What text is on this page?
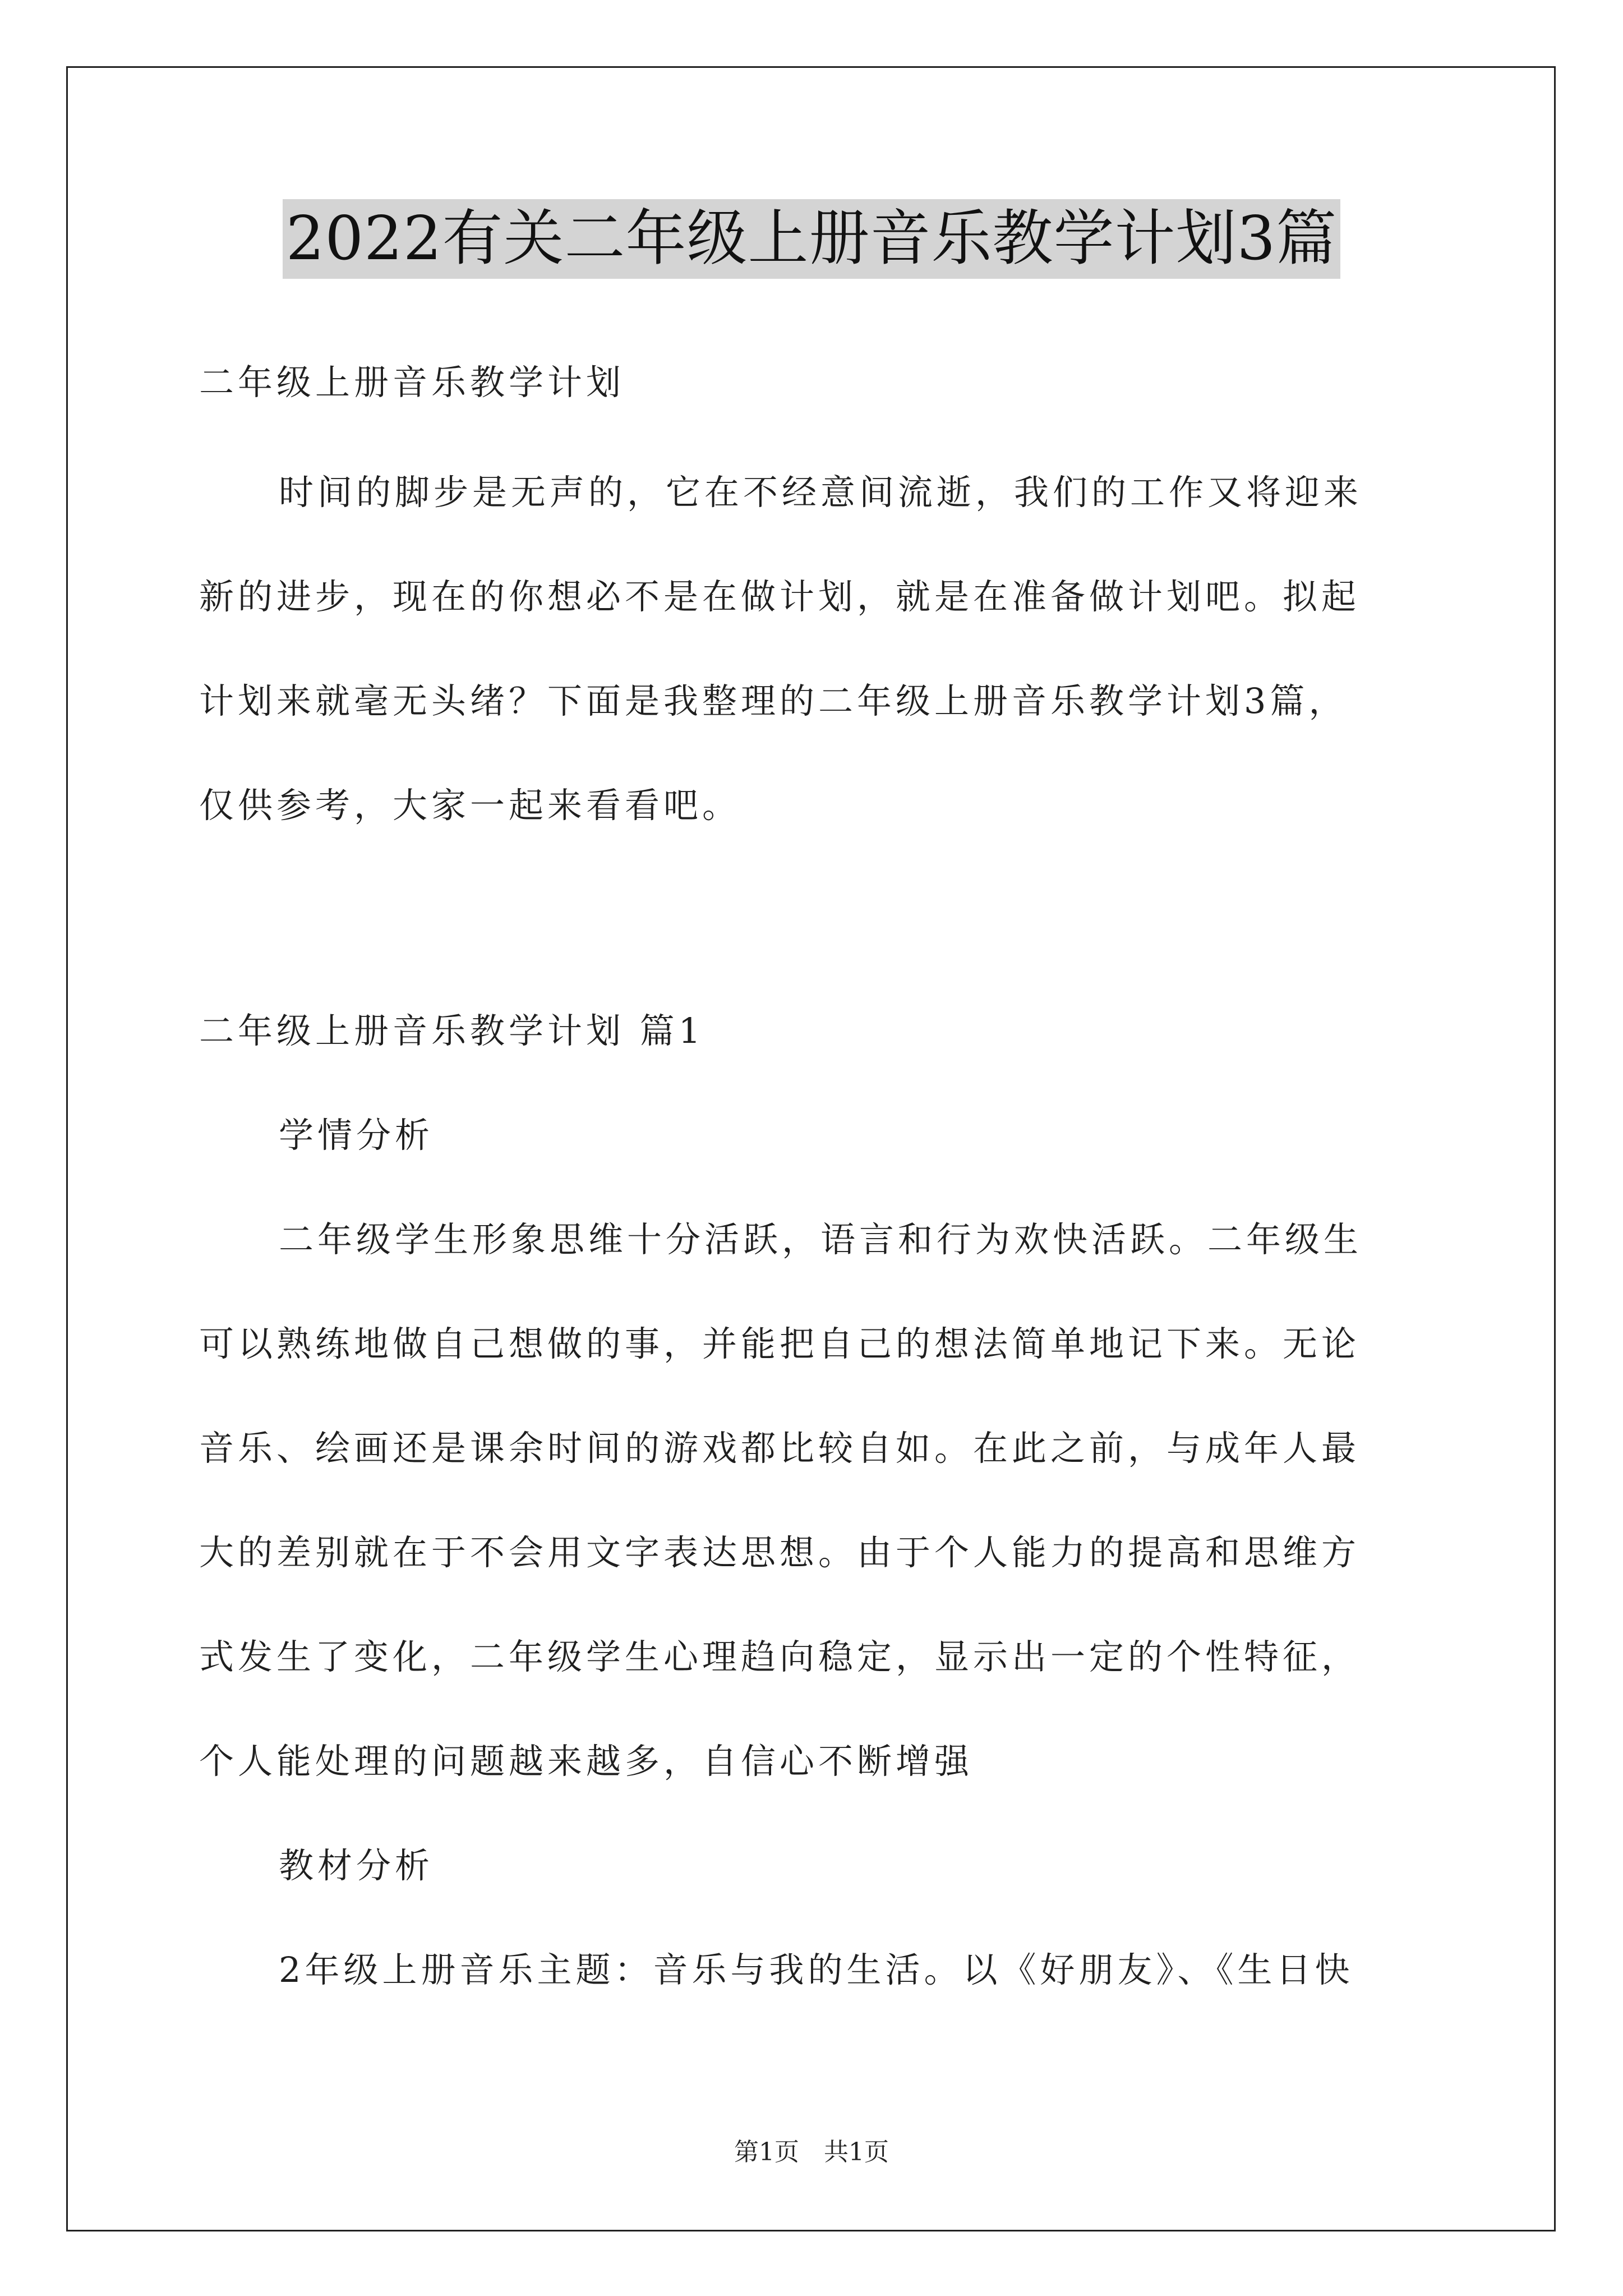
2022有关二年级上册音乐教学计划3篇
二年级上册音乐教学计划
时间的脚步是无声的，它在不经意间流逝，我们的工作又将迎来
新的进步，现在的你想必不是在做计划，就是在准备做计划吧。拟起
计划来就毫无头绪？下面是我整理的二年级上册音乐教学计划3篇，
仅供参考，大家一起来看看吧。
二年级上册音乐教学计划 篇1
学情分析
二年级学生形象思维十分活跃，语言和行为欢快活跃。二年级生
可以熟练地做自己想做的事，并能把自己的想法简单地记下来。无论
音乐、绘画还是课余时间的游戏都比较自如。在此之前，与成年人最
大的差别就在于不会用文字表达思想。由于个人能力的提高和思维方
式发生了变化，二年级学生心理趋向稳定，显示出一定的个性特征，
个人能处理的问题越来越多，自信心不断增强
教材分析
2年级上册音乐主题：音乐与我的生活。以《好朋友》、《生日快
第1页　共1页
